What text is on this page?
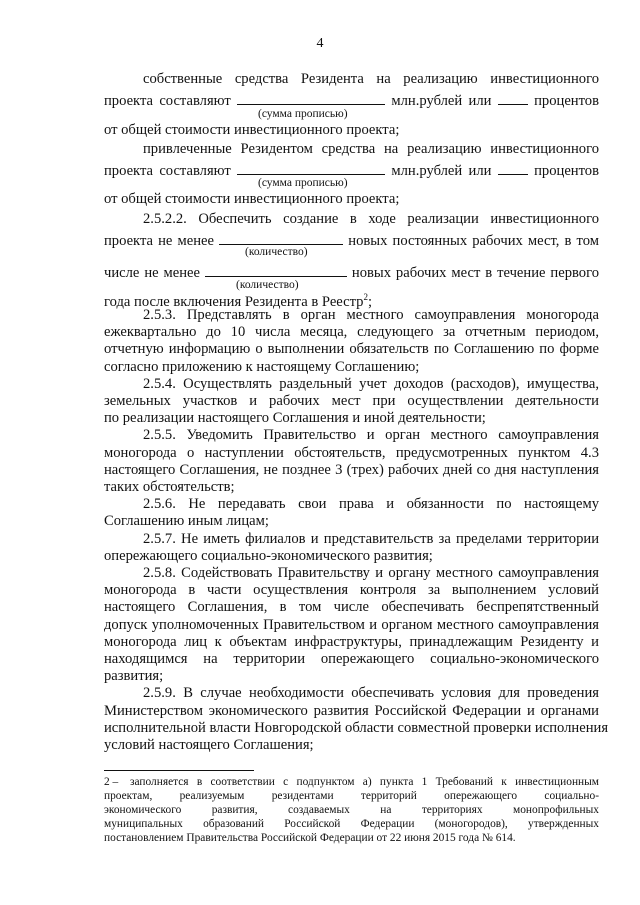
4
собственные средства Резидента на реализацию инвестиционного
проекта составляют	млн.рублей или	процентов
(сумма прописью)
от общей стоимости инвестиционного проекта;
привлеченные Резидентом средства на реализацию инвестиционного
проекта составляют	млн.рублей или	процентов
(сумма прописью)
от общей стоимости инвестиционного проекта;
2.5.2.2. Обеспечить создание в ходе реализации инвестиционного
проекта не менее	новых постоянных рабочих мест, в том
(количество)
числе не менее	новых рабочих мест в течение первого
(количество)
года после включения Резидента в Реестр$^2$;
2.5.3. Представлять в орган местного самоуправления моногорода
ежеквартально до 10 числа месяца, следующего за отчетным периодом,
отчетную информацию о выполнении обязательств по Соглашению по форме
согласно приложению к настоящему Соглашению;
2.5.4. Осуществлять раздельный учет доходов (расходов), имущества,
земельных участков и рабочих мест при осуществлении деятельности
по реализации настоящего Соглашения и иной деятельности;
2.5.5. Уведомить Правительство и орган местного самоуправления
моногорода о наступлении обстоятельств, предусмотренных пунктом 4.3
настоящего Соглашения, не позднее 3 (трех) рабочих дней со дня наступления
таких обстоятельств;
2.5.6. Не передавать свои права и обязанности по настоящему
Соглашению иным лицам;
2.5.7. Не иметь филиалов и представительств за пределами территории
опережающего социально-экономического развития;
2.5.8. Содействовать Правительству и органу местного самоуправления
моногорода в части осуществления контроля за выполнением условий
настоящего Соглашения, в том числе обеспечивать беспрепятственный
допуск уполномоченных Правительством и органом местного самоуправления
моногорода лиц к объектам инфраструктуры, принадлежащим Резиденту и
находящимся на территории опережающего социально-экономического
развития;
2.5.9. В случае необходимости обеспечивать условия для проведения
Министерством экономического развития Российской Федерации и органами
исполнительной власти Новгородской области совместной проверки исполнения
условий настоящего Соглашения;
2 – заполняется в соответствии с подпунктом а) пункта 1 Требований к инвестиционным
проектам, реализуемым резидентами территорий опережающего социально-
экономического развития, создаваемых на территориях монопрофильных
муниципальных образований Российской Федерации (моногородов), утвержденных
постановлением Правительства Российской Федерации от 22 июня 2015 года № 614.
